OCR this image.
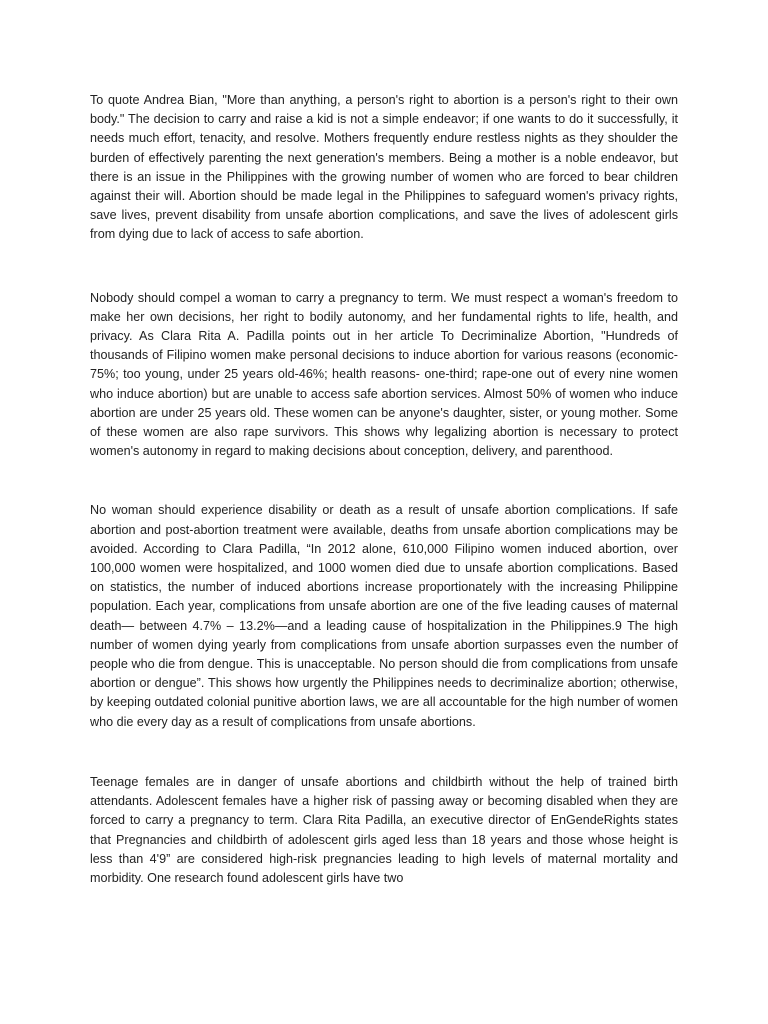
To quote Andrea Bian, "More than anything, a person's right to abortion is a person's right to their own body." The decision to carry and raise a kid is not a simple endeavor; if one wants to do it successfully, it needs much effort, tenacity, and resolve. Mothers frequently endure restless nights as they shoulder the burden of effectively parenting the next generation's members. Being a mother is a noble endeavor, but there is an issue in the Philippines with the growing number of women who are forced to bear children against their will. Abortion should be made legal in the Philippines to safeguard women's privacy rights, save lives, prevent disability from unsafe abortion complications, and save the lives of adolescent girls from dying due to lack of access to safe abortion.

Nobody should compel a woman to carry a pregnancy to term. We must respect a woman's freedom to make her own decisions, her right to bodily autonomy, and her fundamental rights to life, health, and privacy. As Clara Rita A. Padilla points out in her article To Decriminalize Abortion, "Hundreds of thousands of Filipino women make personal decisions to induce abortion for various reasons (economic-75%; too young, under 25 years old-46%; health reasons- one-third; rape-one out of every nine women who induce abortion) but are unable to access safe abortion services. Almost 50% of women who induce abortion are under 25 years old. These women can be anyone's daughter, sister, or young mother. Some of these women are also rape survivors. This shows why legalizing abortion is necessary to protect women's autonomy in regard to making decisions about conception, delivery, and parenthood.

No woman should experience disability or death as a result of unsafe abortion complications. If safe abortion and post-abortion treatment were available, deaths from unsafe abortion complications may be avoided. According to Clara Padilla, “In 2012 alone, 610,000 Filipino women induced abortion, over 100,000 women were hospitalized, and 1000 women died due to unsafe abortion complications. Based on statistics, the number of induced abortions increase proportionately with the increasing Philippine population. Each year, complications from unsafe abortion are one of the five leading causes of maternal death— between 4.7% – 13.2%—and a leading cause of hospitalization in the Philippines.9 The high number of women dying yearly from complications from unsafe abortion surpasses even the number of people who die from dengue. This is unacceptable. No person should die from complications from unsafe abortion or dengue”. This shows how urgently the Philippines needs to decriminalize abortion; otherwise, by keeping outdated colonial punitive abortion laws, we are all accountable for the high number of women who die every day as a result of complications from unsafe abortions.

Teenage females are in danger of unsafe abortions and childbirth without the help of trained birth attendants. Adolescent females have a higher risk of passing away or becoming disabled when they are forced to carry a pregnancy to term. Clara Rita Padilla, an executive director of EnGendeRights states that Pregnancies and childbirth of adolescent girls aged less than 18 years and those whose height is less than 4'9” are considered high-risk pregnancies leading to high levels of maternal mortality and morbidity. One research found adolescent girls have two
